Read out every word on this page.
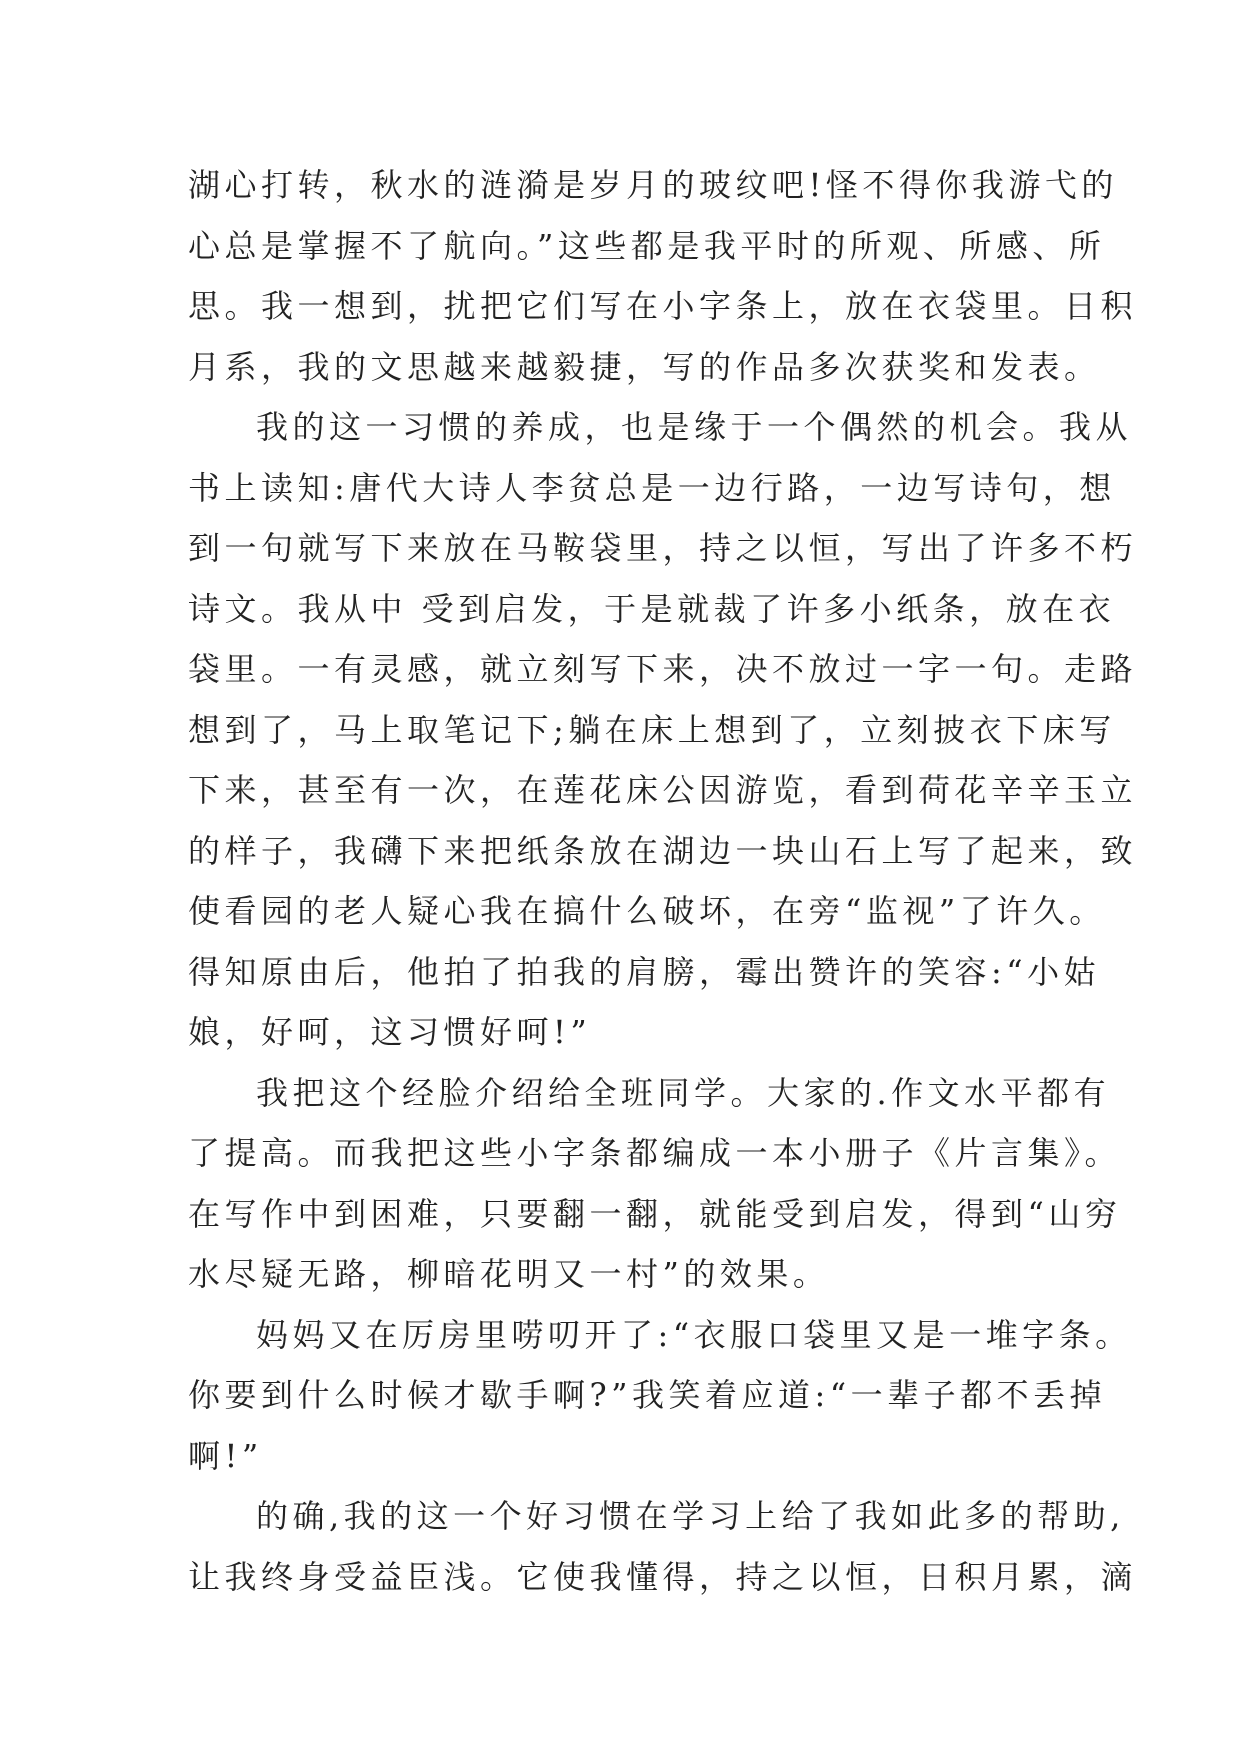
湖心打转，秋水的涟漪是岁月的玻纹吧!怪不得你我游弋的
心总是掌握不了航向。”这些都是我平时的所观、所感、所
思。我一想到，扰把它们写在小字条上，放在衣袋里。日积
月系，我的文思越来越毅捷，写的作品多次获奖和发表。
我的这一习惯的养成，也是缘于一个偶然的机会。我从
书上读知:唐代大诗人李贫总是一边行路，一边写诗句，想
到一句就写下来放在马鞍袋里，持之以恒，写出了许多不朽
诗文。我从中 受到启发，于是就裁了许多小纸条，放在衣
袋里。一有灵感，就立刻写下来，决不放过一字一句。走路
想到了，马上取笔记下;躺在床上想到了，立刻披衣下床写
下来，甚至有一次，在莲花床公因游览，看到荷花辛辛玉立
的样子，我礴下来把纸条放在湖边一块山石上写了起来，致
使看园的老人疑心我在搞什么破坏，在旁“监视”了许久。
得知原由后，他拍了拍我的肩膀，霉出赞许的笑容:“小姑
娘，好呵，这习惯好呵!”
我把这个经脸介绍给全班同学。大家的.作文水平都有
了提高。而我把这些小字条都编成一本小册子《片言集》。
在写作中到困难，只要翻一翻，就能受到启发，得到“山穷
水尽疑无路，柳暗花明又一村”的效果。
妈妈又在厉房里唠叨开了:“衣服口袋里又是一堆字条。
你要到什么时候才歇手啊?”我笑着应道:“一辈子都不丢掉
啊!”
的确,我的这一个好习惯在学习上给了我如此多的帮助,
让我终身受益臣浅。它使我懂得，持之以恒，日积月累，滴
